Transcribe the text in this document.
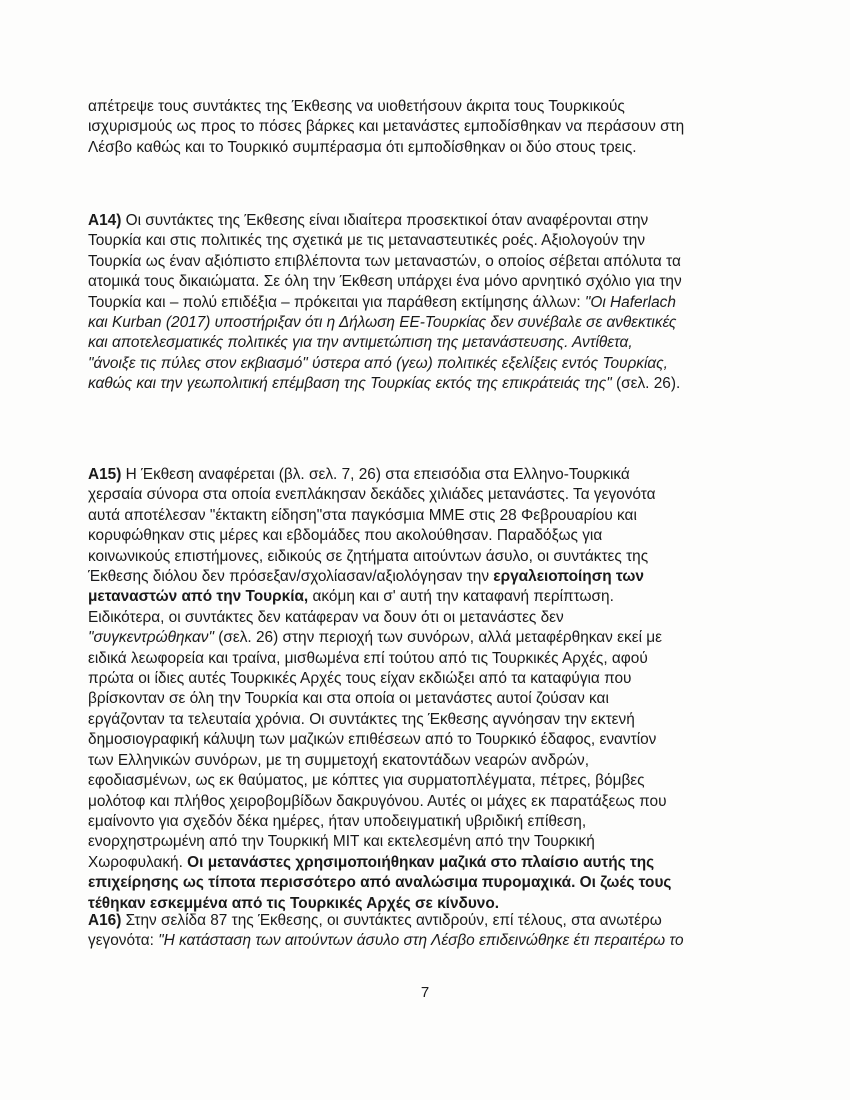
απέτρεψε τους συντάκτες της Έκθεσης να υιοθετήσουν άκριτα τους Τουρκικούς
ισχυρισμούς ως προς το πόσες βάρκες και μετανάστες εμποδίσθηκαν να περάσουν στη
Λέσβο καθώς και το Τουρκικό συμπέρασμα ότι εμποδίσθηκαν οι δύο στους τρεις.

A14) Οι συντάκτες της Έκθεσης είναι ιδιαίτερα προσεκτικοί όταν αναφέρονται στην
Τουρκία και στις πολιτικές της σχετικά με τις μεταναστευτικές ροές. Αξιολογούν την
Τουρκία ως έναν αξιόπιστο επιβλέποντα των μεταναστών, ο οποίος σέβεται απόλυτα τα
ατομικά τους δικαιώματα. Σε όλη την Έκθεση υπάρχει ένα μόνο αρνητικό σχόλιο για την
Τουρκία και – πολύ επιδέξια – πρόκειται για παράθεση εκτίμησης άλλων: "Οι Haferlach
και Kurban (2017) υποστήριξαν ότι η Δήλωση ΕΕ-Τουρκίας δεν συνέβαλε σε ανθεκτικές
και αποτελεσματικές πολιτικές για την αντιμετώπιση της μετανάστευσης. Αντίθετα,
"άνοιξε τις πύλες στον εκβιασμό" ύστερα από (γεω) πολιτικές εξελίξεις εντός Τουρκίας,
καθώς και την γεωπολιτική επέμβαση της Τουρκίας εκτός της επικράτειάς της" (σελ. 26).

A15) Η Έκθεση αναφέρεται (βλ. σελ. 7, 26) στα επεισόδια στα Ελληνο-Τουρκικά
χερσαία σύνορα στα οποία ενεπλάκησαν δεκάδες χιλιάδες μετανάστες. Τα γεγονότα
αυτά αποτέλεσαν "έκτακτη είδηση"στα παγκόσμια ΜΜΕ στις 28 Φεβρουαρίου και
κορυφώθηκαν στις μέρες και εβδομάδες που ακολούθησαν. Παραδόξως για
κοινωνικούς επιστήμονες, ειδικούς σε ζητήματα αιτούντων άσυλο, οι συντάκτες της
Έκθεσης διόλου δεν πρόσεξαν/σχολίασαν/αξιολόγησαν την εργαλειοποίηση των
μεταναστών από την Τουρκία, ακόμη και σ' αυτή την καταφανή περίπτωση.
Ειδικότερα, οι συντάκτες δεν κατάφεραν να δουν ότι οι μετανάστες δεν
"συγκεντρώθηκαν" (σελ. 26) στην περιοχή των συνόρων, αλλά μεταφέρθηκαν εκεί με
ειδικά λεωφορεία και τραίνα, μισθωμένα επί τούτου από τις Τουρκικές Αρχές, αφού
πρώτα οι ίδιες αυτές Τουρκικές Αρχές τους είχαν εκδιώξει από τα καταφύγια που
βρίσκονταν σε όλη την Τουρκία και στα οποία οι μετανάστες αυτοί ζούσαν και
εργάζονταν τα τελευταία χρόνια. Οι συντάκτες της Έκθεσης αγνόησαν την εκτενή
δημοσιογραφική κάλυψη των μαζικών επιθέσεων από το Τουρκικό έδαφος, εναντίον
των Ελληνικών συνόρων, με τη συμμετοχή εκατοντάδων νεαρών ανδρών,
εφοδιασμένων, ως εκ θαύματος, με κόπτες για συρματοπλέγματα, πέτρες, βόμβες
μολότοφ και πλήθος χειροβομβίδων δακρυγόνου. Αυτές οι μάχες εκ παρατάξεως που
εμαίνοντο για σχεδόν δέκα ημέρες, ήταν υποδειγματική υβριδική επίθεση,
ενορχηστρωμένη από την Τουρκική ΜΙΤ και εκτελεσμένη από την Τουρκική
Χωροφυλακή. Οι μετανάστες χρησιμοποιήθηκαν μαζικά στο πλαίσιο αυτής της
επιχείρησης ως τίποτα περισσότερο από αναλώσιμα πυρομαχικά. Οι ζωές τους
τέθηκαν εσκεμμένα από τις Τουρκικές Αρχές σε κίνδυνο.

A16) Στην σελίδα 87 της Έκθεσης, οι συντάκτες αντιδρούν, επί τέλους, στα ανωτέρω
γεγονότα: "Η κατάσταση των αιτούντων άσυλο στη Λέσβο επιδεινώθηκε έτι περαιτέρω το

7
